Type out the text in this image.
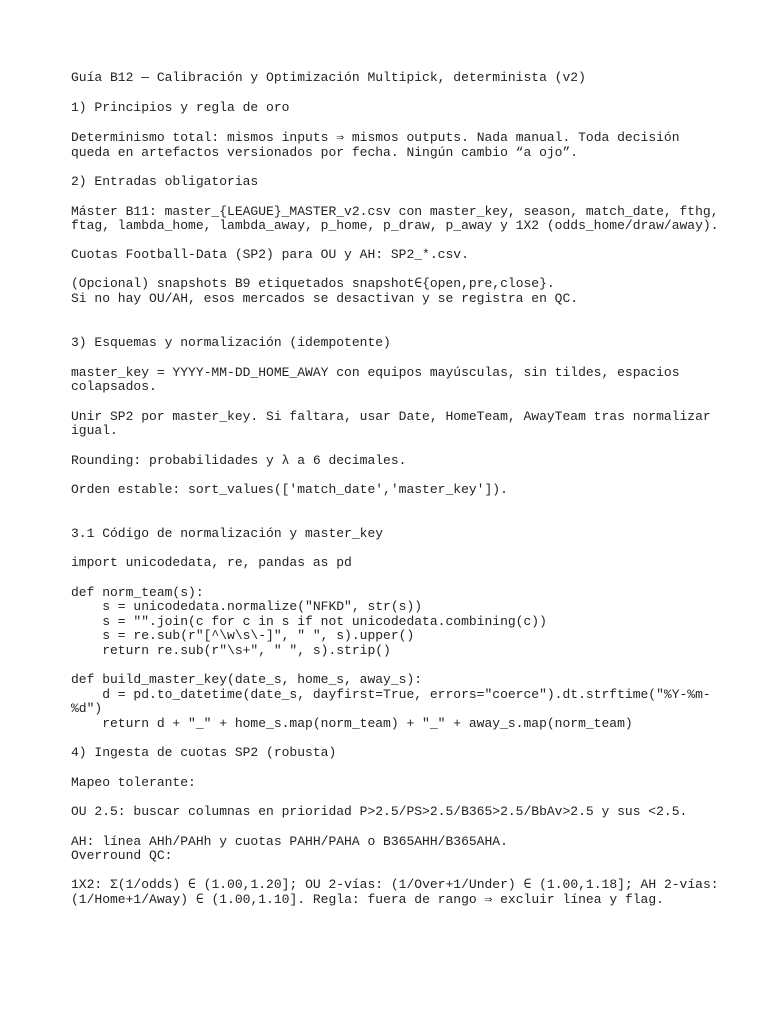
Guía B12 — Calibración y Optimización Multipick, determinista (v2)

1) Principios y regla de oro

Determinismo total: mismos inputs ⇒ mismos outputs. Nada manual. Toda decisión

queda en artefactos versionados por fecha. Ningún cambio “a ojo”.

2) Entradas obligatorias

Máster B11: master_{LEAGUE}_MASTER_v2.csv con master_key, season, match_date, fthg,

ftag, lambda_home, lambda_away, p_home, p_draw, p_away y 1X2 (odds_home/draw/away).

Cuotas Football-Data (SP2) para OU y AH: SP2_*.csv.

(Opcional) snapshots B9 etiquetados snapshot∈{open,pre,close}.

Si no hay OU/AH, esos mercados se desactivan y se registra en QC.

3) Esquemas y normalización (idempotente)

master_key = YYYY-MM-DD_HOME_AWAY con equipos mayúsculas, sin tildes, espacios

colapsados.

Unir SP2 por master_key. Si faltara, usar Date, HomeTeam, AwayTeam tras normalizar

igual.

Rounding: probabilidades y λ a 6 decimales.

Orden estable: sort_values(['match_date','master_key']).

3.1 Código de normalización y master_key

import unicodedata, re, pandas as pd

def norm_team(s):

s = unicodedata.normalize("NFKD", str(s))

s = "".join(c for c in s if not unicodedata.combining(c))

s = re.sub(r"[^\w\s\-]", " ", s).upper()

return re.sub(r"\s+", " ", s).strip()

def build_master_key(date_s, home_s, away_s):

d = pd.to_datetime(date_s, dayfirst=True, errors="coerce").dt.strftime("%Y-%m-

%d")

return d + "_" + home_s.map(norm_team) + "_" + away_s.map(norm_team)

4) Ingesta de cuotas SP2 (robusta)

Mapeo tolerante:

OU 2.5: buscar columnas en prioridad P>2.5/PS>2.5/B365>2.5/BbAv>2.5 y sus <2.5.

AH: línea AHh/PAHh y cuotas PAHH/PAHA o B365AHH/B365AHA.

Overround QC:

1X2: Σ(1/odds) ∈ (1.00,1.20]; OU 2-vías: (1/Over+1/Under) ∈ (1.00,1.18]; AH 2-vías:

(1/Home+1/Away) ∈ (1.00,1.10]. Regla: fuera de rango ⇒ excluir línea y flag.
